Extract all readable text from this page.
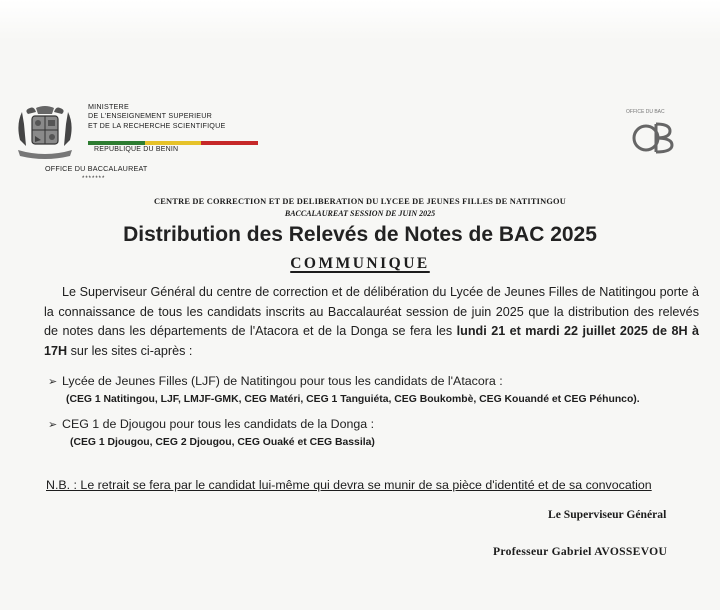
MINISTERE
DE L'ENSEIGNEMENT SUPERIEUR
ET DE LA RECHERCHE SCIENTIFIQUE
REPUBLIQUE DU BENIN
OFFICE DU BACCALAUREAT
*******
OFFICE DU BAC
CENTRE DE CORRECTION ET DE DELIBERATION DU LYCEE DE JEUNES FILLES DE NATITINGOU
BACCALAUREAT SESSION DE JUIN 2025
Distribution des Relevés de Notes de BAC 2025
COMMUNIQUE
Le Superviseur Général du centre de correction et de délibération du Lycée de Jeunes Filles de Natitingou porte à la connaissance de tous les candidats inscrits au Baccalauréat session de juin 2025 que la distribution des relevés de notes dans les départements de l'Atacora et de la Donga se fera les lundi 21 et mardi 22 juillet 2025 de 8H à 17H sur les sites ci-après :
➢ Lycée de Jeunes Filles (LJF) de Natitingou pour tous les candidats de l'Atacora :
(CEG 1 Natitingou, LJF, LMJF-GMK, CEG Matéri, CEG 1 Tanguiéta, CEG Boukombè, CEG Kouandé et CEG Péhunco).
➢ CEG 1 de Djougou pour tous les candidats de la Donga :
(CEG 1 Djougou, CEG 2 Djougou, CEG Ouaké et CEG Bassila)
N.B. : Le retrait se fera par le candidat lui-même qui devra se munir de sa pièce d'identité et de sa convocation
Le Superviseur Général
Professeur Gabriel AVOSSEVOU
